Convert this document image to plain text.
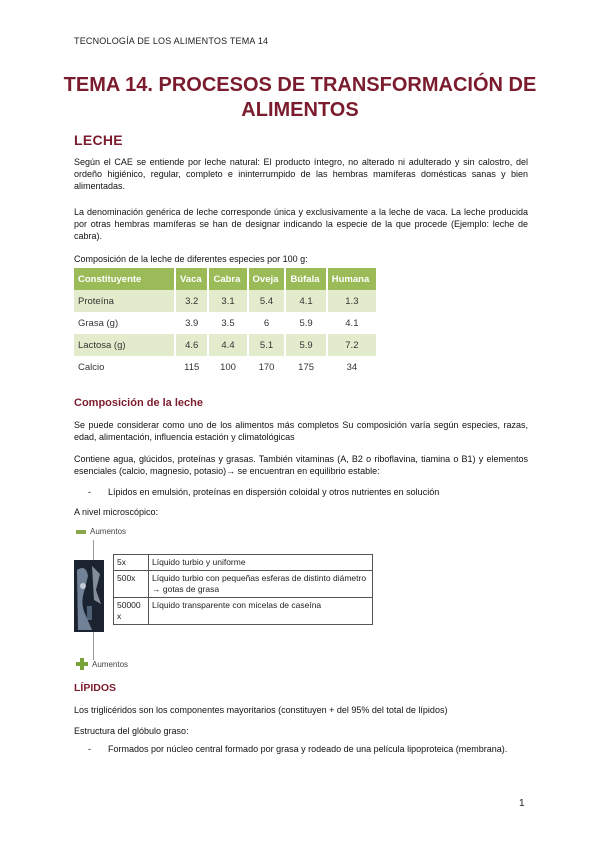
TECNOLOGÍA DE LOS ALIMENTOS TEMA 14
TEMA 14. PROCESOS DE TRANSFORMACIÓN DE
ALIMENTOS
LECHE
Según el CAE se entiende por leche natural: El producto íntegro, no alterado ni adulterado y sin calostro, del ordeño higiénico, regular, completo e ininterrumpido de las hembras mamíferas domésticas sanas y bien alimentadas.
La denominación genérica de leche corresponde única y exclusivamente a la leche de vaca. La leche producida por otras hembras mamíferas se han de designar indicando la especie de la que procede (Ejemplo: leche de cabra).
Composición de la leche de diferentes especies por 100 g:
Constituyente	Vaca	Cabra	Oveja	Búfala	Humana
Proteína	3.2	3.1	5.4	4.1	1.3
Grasa (g)	3.9	3.5	6	5.9	4.1
Lactosa (g)	4.6	4.4	5.1	5.9	7.2
Calcio	115	100	170	175	34
Composición de la leche
Se puede considerar como uno de los alimentos más completos Su composición varía según especies, razas, edad, alimentación, influencia estación y climatológicas
Contiene agua, glúcidos, proteínas y grasas. También vitaminas (A, B2 o riboflavina, tiamina o B1) y elementos esenciales (calcio, magnesio, potasio)→ se encuentran en equilibrio estable:
- Lípidos en emulsión, proteínas en dispersión coloidal y otros nutrientes en solución
A nivel microscópico:
Aumentos
5x	Líquido turbio y uniforme
500x	Líquido turbio con pequeñas esferas de distinto diámetro → gotas de grasa
50000 x	Líquido transparente con micelas de caseína
Aumentos
LÍPIDOS
Los triglicéridos son los componentes mayoritarios (constituyen + del 95% del total de lípidos)
Estructura del glóbulo graso:
- Formados por núcleo central formado por grasa y rodeado de una película lipoproteica (membrana).
1
